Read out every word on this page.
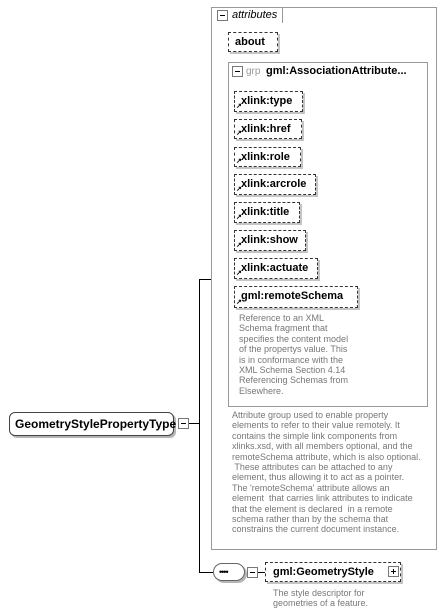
GeometryStylePropertyType
attributes
about
grp gml:AssociationAttribute...
xlink:type
↗
xlink:href
↗
xlink:role
↗
xlink:arcrole
↗
xlink:title
↗
xlink:show
↗
xlink:actuate
↗
gml:remoteSchema
↗
Reference to an XML
Schema fragment that
specifies the content model
of the propertys value. This
is in conformance with the
XML Schema Section 4.14
Referencing Schemas from
Elsewhere.
Attribute group used to enable property
elements to refer to their value remotely. It
contains the simple link components from
xlinks.xsd, with all members optional, and the
remoteSchema attribute, which is also optional.
These attributes can be attached to any
element, thus allowing it to act as a pointer.
The 'remoteSchema' attribute allows an
element  that carries link attributes to indicate
that the element is declared  in a remote
schema rather than by the schema that
constrains the current document instance.
••••	gml:GeometryStyle
The style descriptor for
geometries of a feature.
